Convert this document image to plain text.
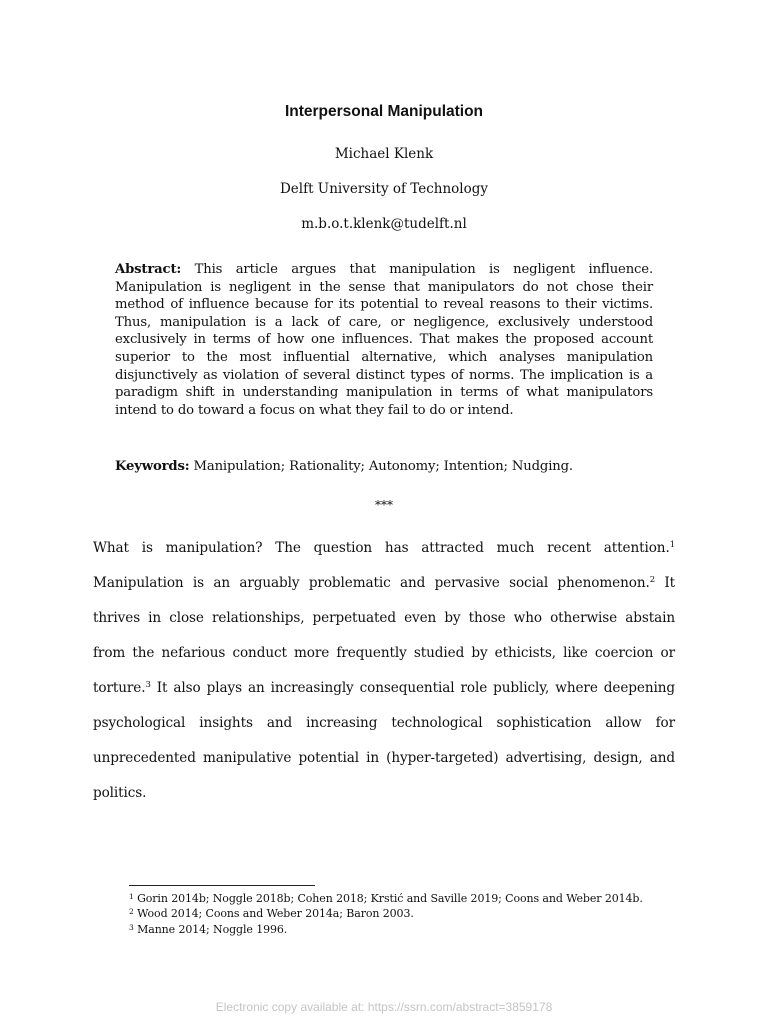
Interpersonal Manipulation
Michael Klenk
Delft University of Technology
m.b.o.t.klenk@tudelft.nl
Abstract: This article argues that manipulation is negligent influence. Manipulation is negligent in the sense that manipulators do not chose their method of influence because for its potential to reveal reasons to their victims. Thus, manipulation is a lack of care, or negligence, exclusively understood exclusively in terms of how one influences. That makes the proposed account superior to the most influential alternative, which analyses manipulation disjunctively as violation of several distinct types of norms. The implication is a paradigm shift in understanding manipulation in terms of what manipulators intend to do toward a focus on what they fail to do or intend.
Keywords: Manipulation; Rationality; Autonomy; Intention; Nudging.
***
What is manipulation? The question has attracted much recent attention.$^1$ Manipulation is an arguably problematic and pervasive social phenomenon.$^2$ It thrives in close relationships, perpetuated even by those who otherwise abstain from the nefarious conduct more frequently studied by ethicists, like coercion or torture.$^3$ It also plays an increasingly consequential role publicly, where deepening psychological insights and increasing technological sophistication allow for unprecedented manipulative potential in (hyper-targeted) advertising, design, and politics.
$^1$ Gorin 2014b; Noggle 2018b; Cohen 2018; Krstić and Saville 2019; Coons and Weber 2014b.
$^2$ Wood 2014; Coons and Weber 2014a; Baron 2003.
$^3$ Manne 2014; Noggle 1996.
Electronic copy available at: https://ssrn.com/abstract=3859178
